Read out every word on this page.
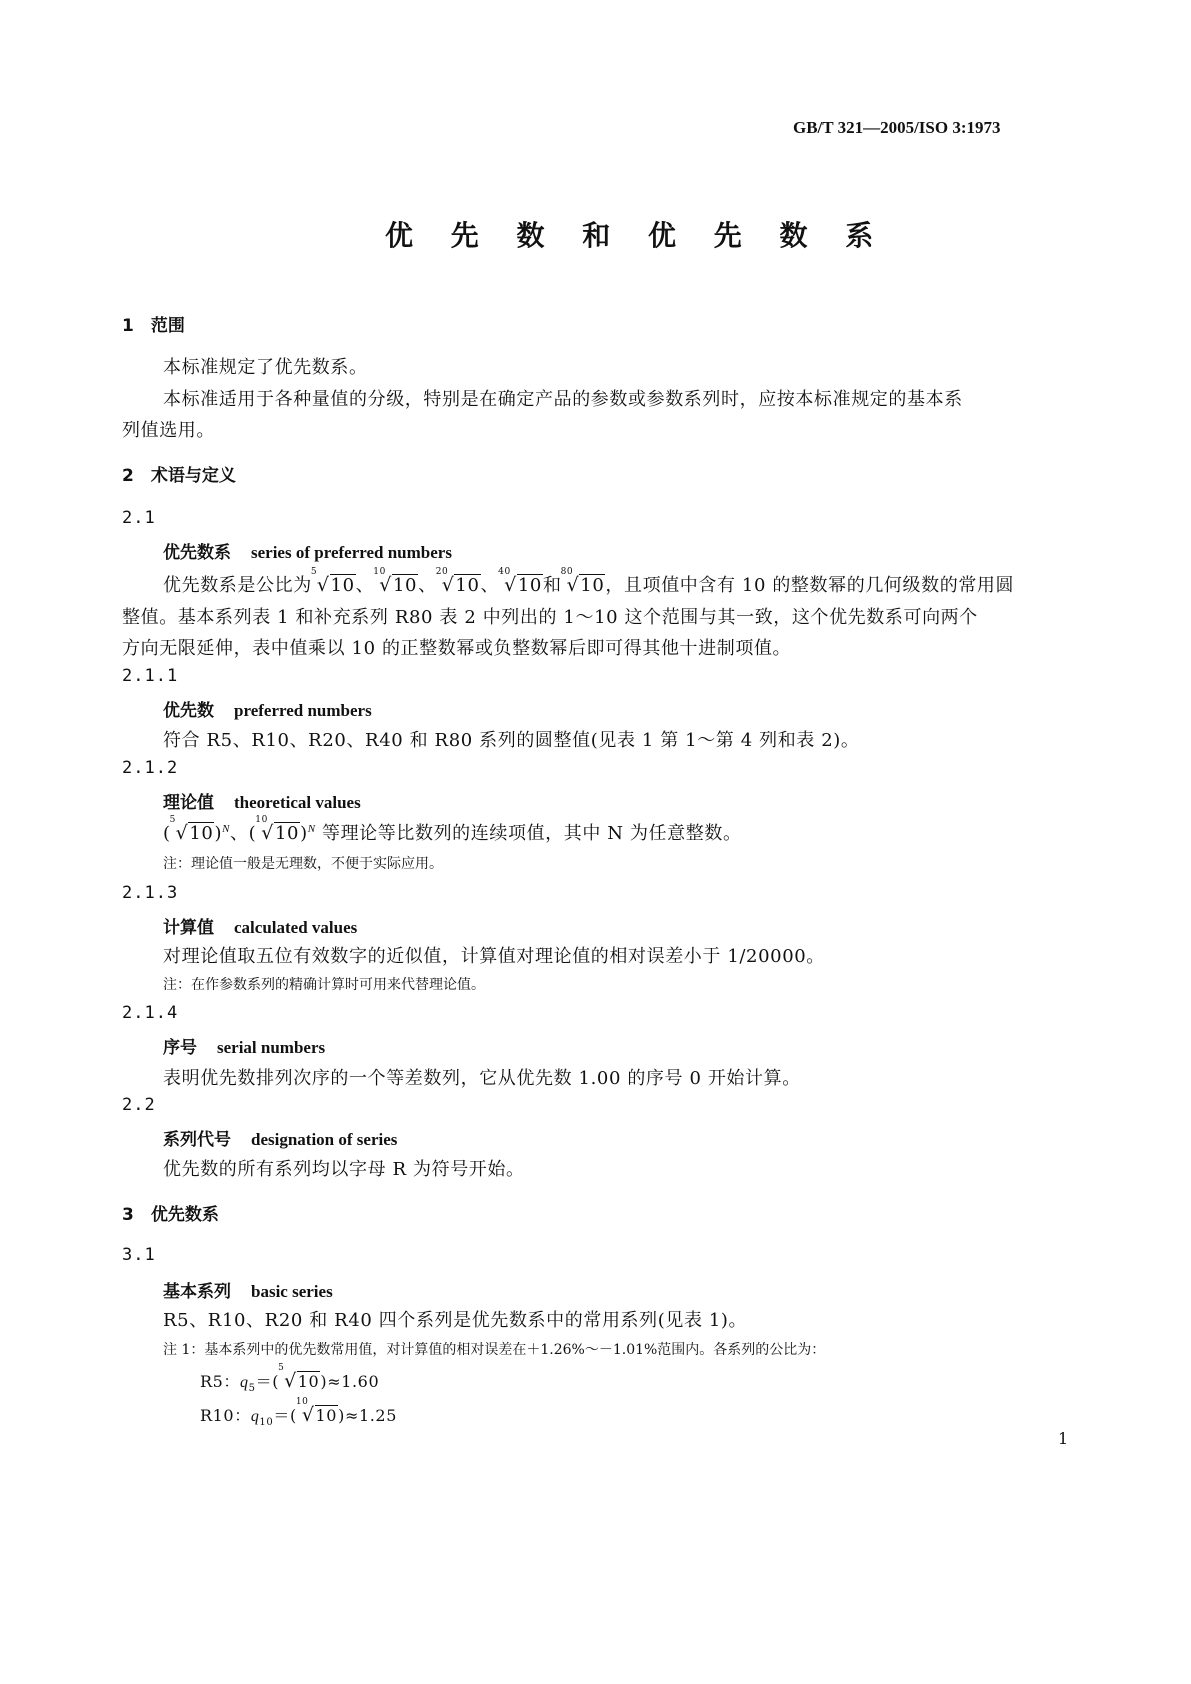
GB/T 321—2005/ISO 3:1973
优 先 数 和 优 先 数 系
1　范围
本标准规定了优先数系。
本标准适用于各种量值的分级，特别是在确定产品的参数或参数系列时，应按本标准规定的基本系
列值选用。
2　术语与定义
2.1
优先数系 series of preferred numbers
优先数系是公比为
5
√10、
10
√10、
20
√10、
40
√10和
80
√10，且项值中含有 10 的整数幂的几何级数的常用圆
整值。基本系列表 1 和补充系列 R80 表 2 中列出的 1～10 这个范围与其一致，这个优先数系可向两个
方向无限延伸，表中值乘以 10 的正整数幂或负整数幂后即可得其他十进制项值。
2.1.1
优先数 preferred numbers
符合 R5、R10、R20、R40 和 R80 系列的圆整值(见表 1 第 1～第 4 列和表 2)。
2.1.2
理论值 theoretical values
(
5
√10)$^N$、(
10
√10)$^N$ 等理论等比数列的连续项值，其中 N 为任意整数。
注：理论值一般是无理数，不便于实际应用。
2.1.3
计算值 calculated values
对理论值取五位有效数字的近似值，计算值对理论值的相对误差小于 1/20000。
注：在作参数系列的精确计算时可用来代替理论值。
2.1.4
序号 serial numbers
表明优先数排列次序的一个等差数列，它从优先数 1.00 的序号 0 开始计算。
2.2
系列代号 designation of series
优先数的所有系列均以字母 R 为符号开始。
3　优先数系
3.1
基本系列 basic series
R5、R10、R20 和 R40 四个系列是优先数系中的常用系列(见表 1)。
注 1：基本系列中的优先数常用值，对计算值的相对误差在＋1.26%～－1.01%范围内。各系列的公比为：
R5：$q_5=$(
5
√10)≈1.60
R10：$q_{10}=$(
10
√10)≈1.25
1
